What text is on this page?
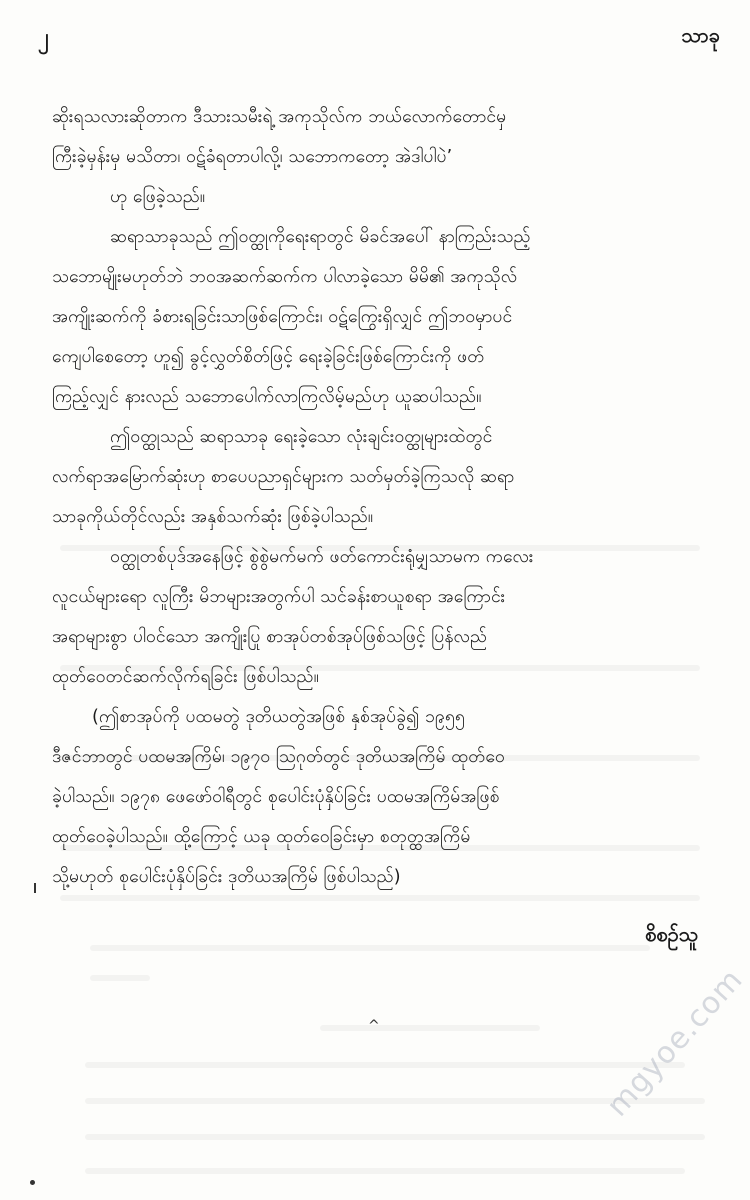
၂	သာခု
ဆိုးရသလားဆိုတာက ဒီသားသမီးရဲ့ အကုသိုလ်က ဘယ်လောက်တောင်မှ
ကြီးခဲ့မှန်းမှ မသိတာ၊ ဝဋ်ခံရတာပါလို့၊ သဘောကတော့ အဲဒါပါပဲ’
ဟု ဖြေခဲ့သည်။
ဆရာသာခုသည် ဤဝတ္ထုကိုရေးရာတွင် မိခင်အပေါ် နာကြည်းသည့်
သဘောမျိုးမဟုတ်ဘဲ ဘဝအဆက်ဆက်က ပါလာခဲ့သော မိမိ၏ အကုသိုလ်
အကျိုးဆက်ကို ခံစားရခြင်းသာဖြစ်ကြောင်း၊ ဝဋ်ကြွေးရှိလျှင် ဤဘဝမှာပင်
ကျေပါစေတော့ ဟူ၍ ခွင့်လွှတ်စိတ်ဖြင့် ရေးခဲ့ခြင်းဖြစ်ကြောင်းကို ဖတ်
ကြည့်လျှင် နားလည် သဘောပေါက်လာကြလိမ့်မည်ဟု ယူဆပါသည်။
ဤဝတ္ထုသည် ဆရာသာခု ရေးခဲ့သော လုံးချင်းဝတ္ထုများထဲတွင်
လက်ရာအမြောက်ဆုံးဟု စာပေပညာရှင်များက သတ်မှတ်ခဲ့ကြသလို ဆရာ
သာခုကိုယ်တိုင်လည်း အနှစ်သက်ဆုံး ဖြစ်ခဲ့ပါသည်။
ဝတ္ထုတစ်ပုဒ်အနေဖြင့် စွဲစွဲမက်မက် ဖတ်ကောင်းရုံမျှသာမက ကလေး
လူငယ်များရော လူကြီး မိဘများအတွက်ပါ သင်ခန်းစာယူစရာ အကြောင်း
အရာများစွာ ပါဝင်သော အကျိုးပြု စာအုပ်တစ်အုပ်ဖြစ်သဖြင့် ပြန်လည်
ထုတ်ဝေတင်ဆက်လိုက်ရခြင်း ဖြစ်ပါသည်။
(ဤစာအုပ်ကို ပထမတွဲ ဒုတိယတွဲအဖြစ် နှစ်အုပ်ခွဲ၍ ၁၉၅၅
ဒီဇင်ဘာတွင် ပထမအကြိမ်၊ ၁၉၇၀ ဩဂုတ်တွင် ဒုတိယအကြိမ် ထုတ်ဝေ
ခဲ့ပါသည်။ ၁၉၇၈ ဖေဖော်ဝါရီတွင် စုပေါင်းပုံနှိပ်ခြင်း ပထမအကြိမ်အဖြစ်
ထုတ်ဝေခဲ့ပါသည်။ ထို့ကြောင့် ယခု ထုတ်ဝေခြင်းမှာ စတုတ္ထအကြိမ်
သို့မဟုတ် စုပေါင်းပုံနှိပ်ခြင်း ဒုတိယအကြိမ် ဖြစ်ပါသည်)
စိစဉ်သူ
^	mgyoe.com
